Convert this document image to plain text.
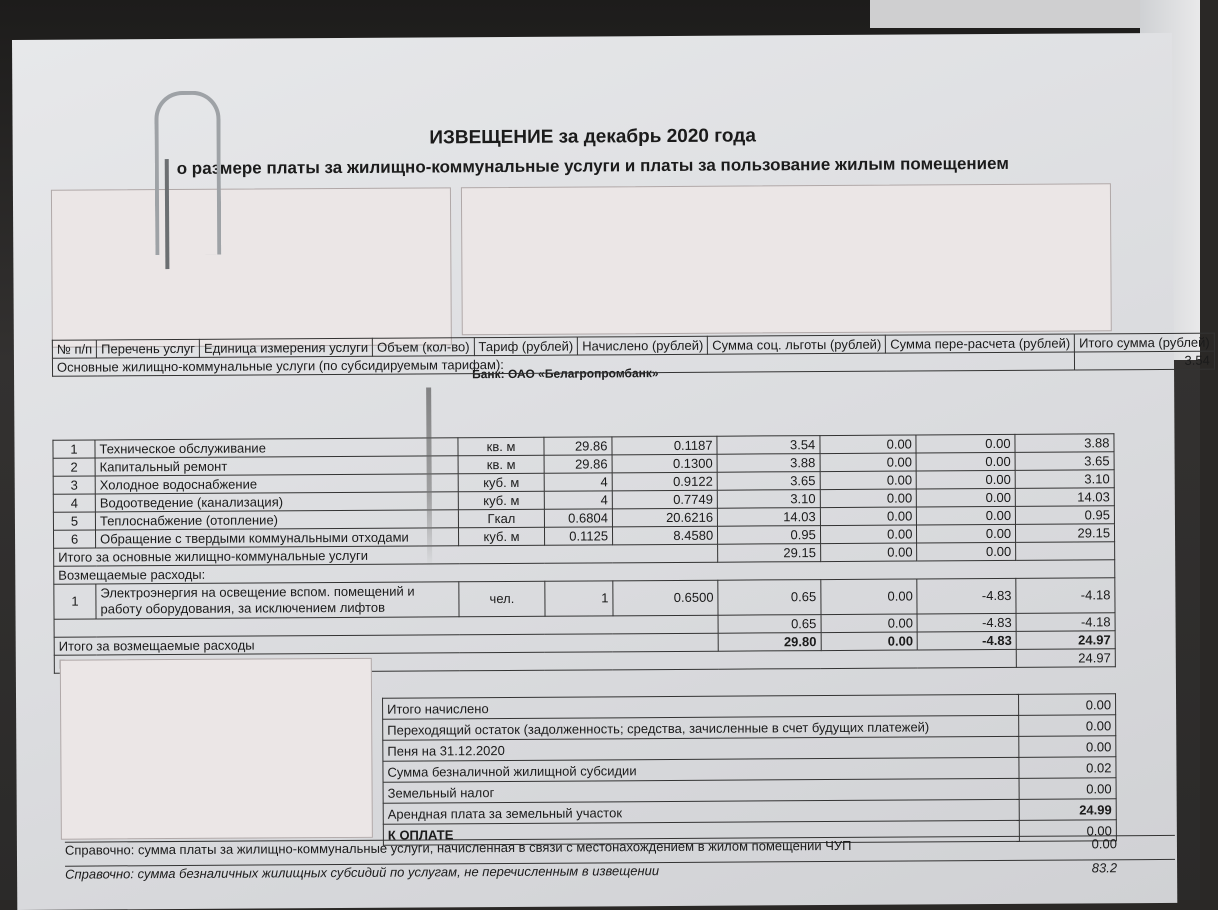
ИЗВЕЩЕНИЕ за декабрь 2020 года
о размере платы за жилищно-коммунальные услуги и платы за пользование жилым помещением
Банк: ОАО «Белагропромбанк»
№ п/п	Перечень услуг	Единица измерения услуги	Объем (кол-во)	Тариф (рублей)	Начислено (рублей)	Сумма соц. льготы (рублей)	Сумма пере-расчета (рублей)	Итого сумма (рублей)
Основные жилищно-коммунальные услуги (по субсидируемым тарифам):								3.54
1	Техническое обслуживание	кв. м	29.86	0.1187	3.54	0.00	0.00	3.88
2	Капитальный ремонт	кв. м	29.86	0.1300	3.88	0.00	0.00	3.65
3	Холодное водоснабжение	куб. м	4	0.9122	3.65	0.00	0.00	3.10
4	Водоотведение (канализация)	куб. м	4	0.7749	3.10	0.00	0.00	14.03
5	Теплоснабжение (отопление)	Гкал	0.6804	20.6216	14.03	0.00	0.00	0.95
6	Обращение с твердыми коммунальными отходами	куб. м	0.1125	8.4580	0.95	0.00	0.00	29.15
Итого за основные жилищно-коммунальные услуги					29.15	0.00	0.00	
Возмещаемые расходы:								
1	Электроэнергия на освещение вспом. помещений и
работу оборудования, за исключением лифтов	чел.	1	0.6500	0.65	0.00	-4.83	-4.18
					0.65	0.00	-4.83	-4.18
Итого за возмещаемые расходы					29.80	0.00	-4.83	24.97
	24.97
Итого начислено	0.00
Переходящий остаток (задолженность; средства, зачисленные в счет будущих платежей)	0.00
Пеня на 31.12.2020	0.00
Сумма безналичной жилищной субсидии	0.02
Земельный налог	0.00
Арендная плата за земельный участок	24.99
К ОПЛАТЕ	0.00
Справочно: сумма платы за жилищно-коммунальные услуги, начисленная в связи с местонахождением в жилом помещении ЧУП	0.00
Справочно: сумма безналичных жилищных субсидий по услугам, не перечисленным в извещении	83.2
